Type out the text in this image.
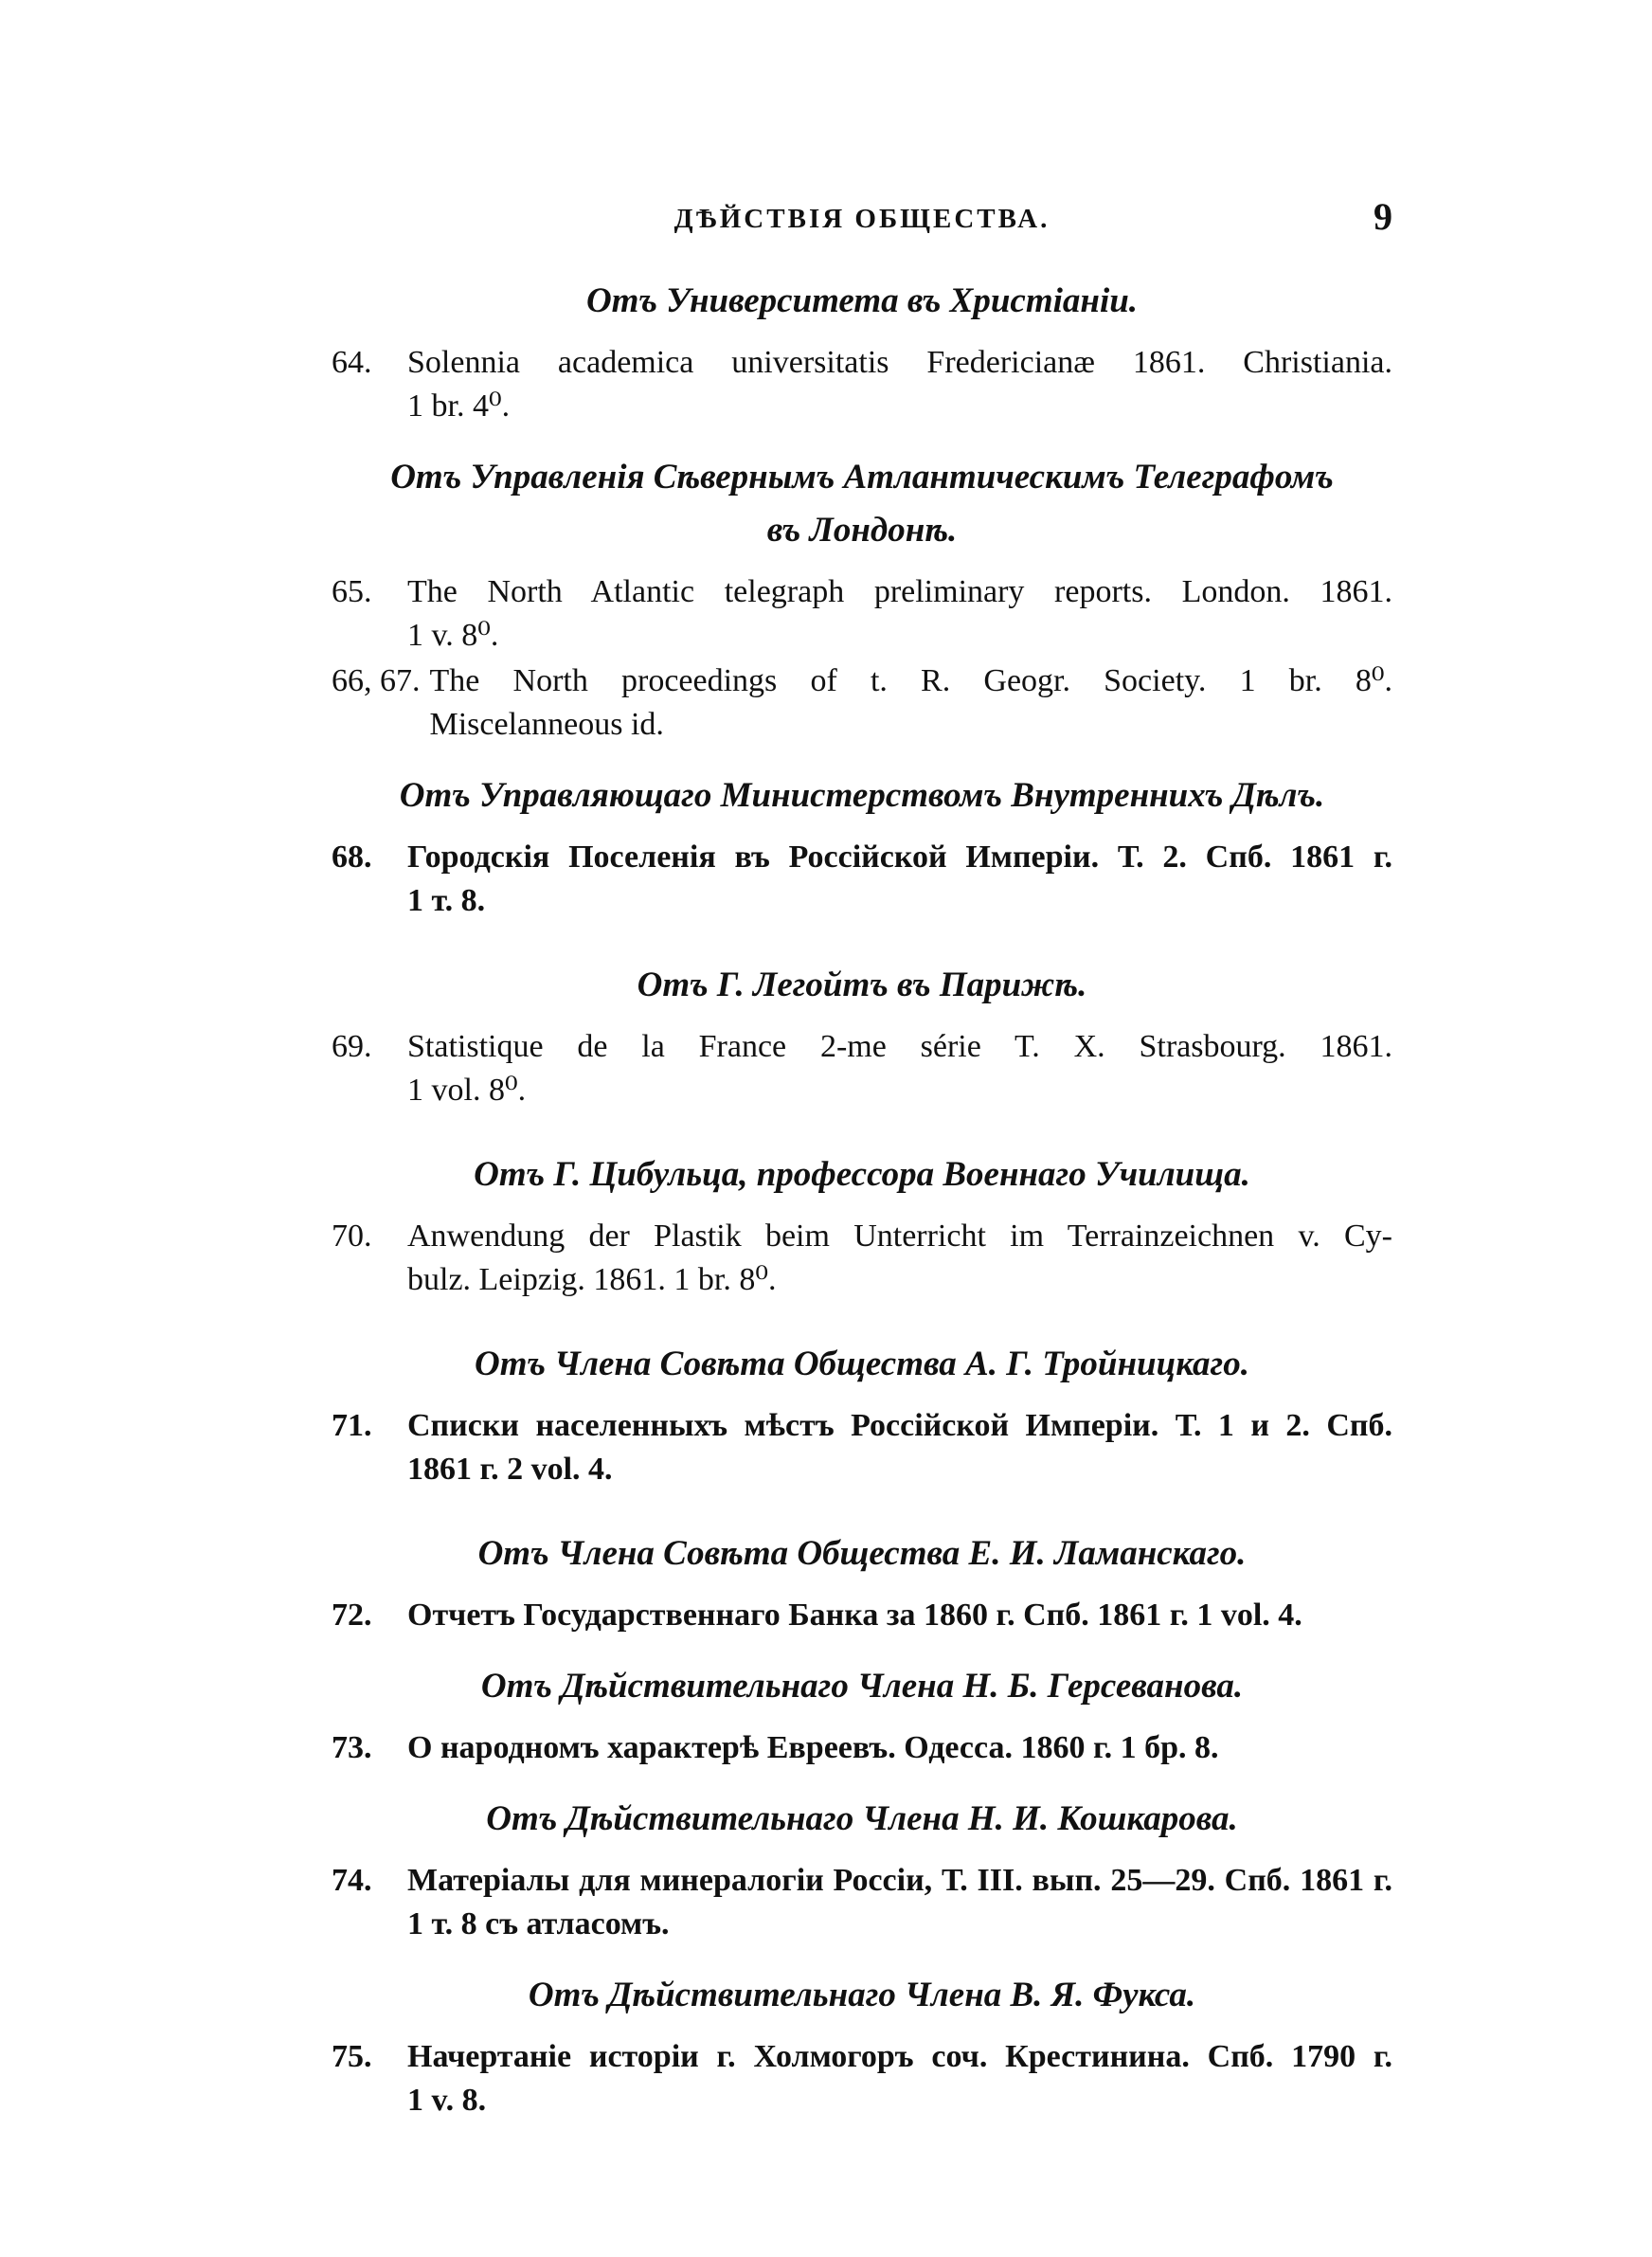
ДѢЙСТВІЯ ОБЩЕСТВА.	9
Отъ Университета въ Христіаніи.
64.	Solennia academica universitatis Fredericianæ 1861. Christiania.
1 br. 4⁰.
Отъ Управленія Сѣвернымъ Атлантическимъ Телеграфомъ
въ Лондонѣ.
65.	The North Atlantic telegraph preliminary reports. London. 1861.
1 v. 8⁰.
66, 67. The North proceedings of t. R. Geogr. Society. 1 br. 8⁰.
Miscelanneous id.
Отъ Управляющаго Министерствомъ Внутреннихъ Дѣлъ.
68.	Городскія Поселенія въ Россійской Имперіи. Т. 2. Спб. 1861 г.
1 т. 8.
Отъ Г. Легойтъ въ Парижѣ.
69.	Statistique de la France 2-me série T. X. Strasbourg. 1861.
1 vol. 8⁰.
Отъ Г. Цибульца, профессора Военнаго Училища.
70.	Anwendung der Plastik beim Unterricht im Terrainzeichnen v. Cy-
bulz. Leipzig. 1861. 1 br. 8⁰.
Отъ Члена Совѣта Общества А. Г. Тройницкаго.
71.	Списки населенныхъ мѣстъ Россійской Имперіи. Т. 1 и 2. Спб.
1861 г. 2 vol. 4.
Отъ Члена Совѣта Общества Е. И. Ламанскаго.
72.	Отчетъ Государственнаго Банка за 1860 г. Спб. 1861 г. 1 vol. 4.
Отъ Дѣйствительнаго Члена Н. Б. Герсеванова.
73.	О народномъ характерѣ Евреевъ. Одесса. 1860 г. 1 бр. 8.
Отъ Дѣйствительнаго Члена Н. И. Кошкарова.
74.	Матеріалы для минералогіи Россіи, Т. III. вып. 25—29. Спб. 1861 г.
1 т. 8 съ атласомъ.
Отъ Дѣйствительнаго Члена В. Я. Фукса.
75.	Начертаніе исторіи г. Холмогоръ соч. Крестинина. Спб. 1790 г.
1 v. 8.
